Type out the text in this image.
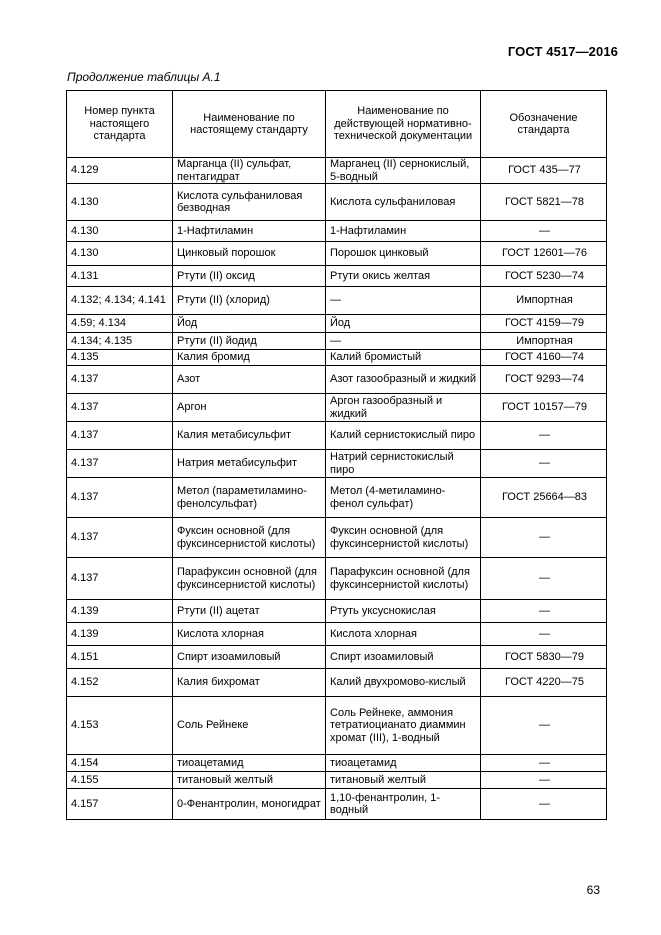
ГОСТ 4517—2016
Продолжение таблицы А.1
Номер пункта настоящего стандарта	Наименование по настоящему стандарту	Наименование по действующей нормативно-технической документации	Обозначение стандарта
4.129	Марганца (II) сульфат, пентагидрат	Марганец (II) сернокислый, 5-водный	ГОСТ 435—77
4.130	Кислота сульфаниловая безводная	Кислота сульфаниловая	ГОСТ 5821—78
4.130	1-Нафтиламин	1-Нафтиламин	—
4.130	Цинковый порошок	Порошок цинковый	ГОСТ 12601—76
4.131	Ртути (II) оксид	Ртути окись желтая	ГОСТ 5230—74
4.132; 4.134; 4.141	Ртути (II) (хлорид)	—	Импортная
4.59; 4.134	Йод	Йод	ГОСТ 4159—79
4.134; 4.135	Ртути (II) йодид	—	Импортная
4.135	Калия бромид	Калий бромистый	ГОСТ 4160—74
4.137	Азот	Азот газообразный и жидкий	ГОСТ 9293—74
4.137	Аргон	Аргон газообразный и жидкий	ГОСТ 10157—79
4.137	Калия метабисульфит	Калий сернистокислый пиро	—
4.137	Натрия метабисульфит	Натрий сернистокислый пиро	—
4.137	Метол (параметиламино-фенолсульфат)	Метол (4-метиламино-фенол сульфат)	ГОСТ 25664—83
4.137	Фуксин основной (для фуксинсернистой кислоты)	Фуксин основной (для фуксинсернистой кислоты)	—
4.137	Парафуксин основной (для фуксинсернистой кислоты)	Парафуксин основной (для фуксинсернистой кислоты)	—
4.139	Ртути (II) ацетат	Ртуть уксуснокислая	—
4.139	Кислота хлорная	Кислота хлорная	—
4.151	Спирт изоамиловый	Спирт изоамиловый	ГОСТ 5830—79
4.152	Калия бихромат	Калий двухромово-кислый	ГОСТ 4220—75
4.153	Соль Рейнеке	Соль Рейнеке, аммония тетратиоцианато диаммин хромат (III), 1-водный	—
4.154	тиоацетамид	тиоацетамид	—
4.155	титановый желтый	титановый желтый	—
4.157	0-Фенантролин, моногидрат	1,10-фенантролин, 1-водный	—
63
